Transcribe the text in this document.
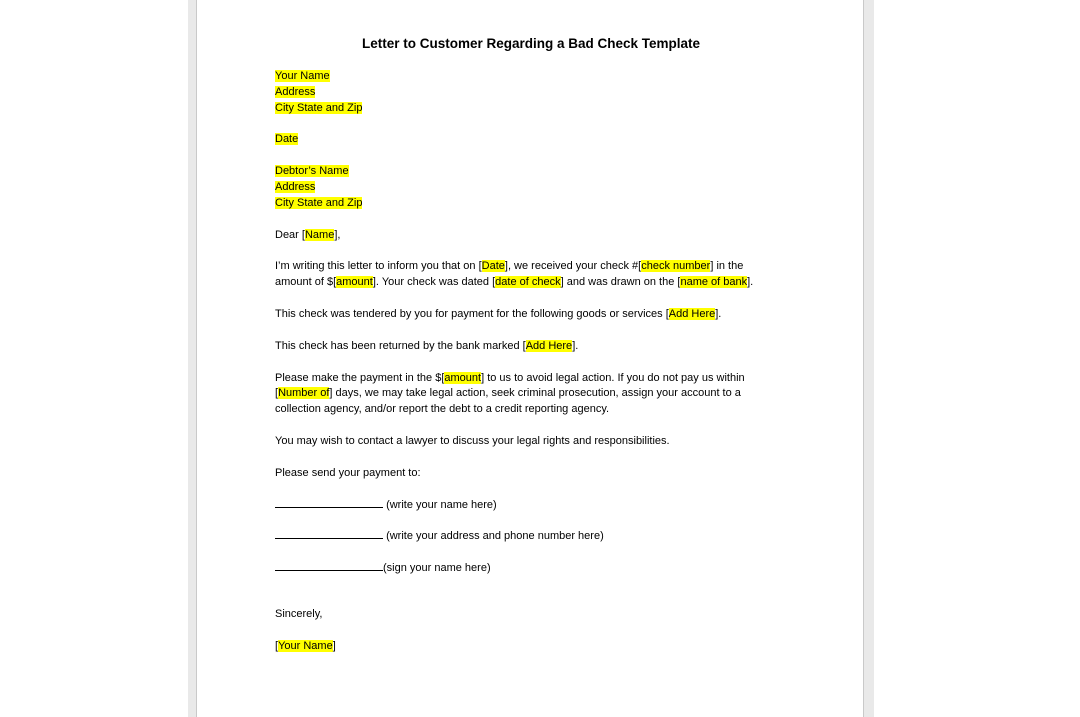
Letter to Customer Regarding a Bad Check Template
Your Name
Address
City State and Zip
Date
Debtor’s Name
Address
City State and Zip
Dear [Name],
I’m writing this letter to inform you that on [Date], we received your check #[check number] in the
amount of $[amount]. Your check was dated [date of check] and was drawn on the [name of bank].
This check was tendered by you for payment for the following goods or services [Add Here].
This check has been returned by the bank marked [Add Here].
Please make the payment in the $[amount] to us to avoid legal action. If you do not pay us within
[Number of] days, we may take legal action, seek criminal prosecution, assign your account to a
collection agency, and/or report the debt to a credit reporting agency.
You may wish to contact a lawyer to discuss your legal rights and responsibilities.
Please send your payment to:
(write your name here)
(write your address and phone number here)
(sign your name here)
Sincerely,
[Your Name]
